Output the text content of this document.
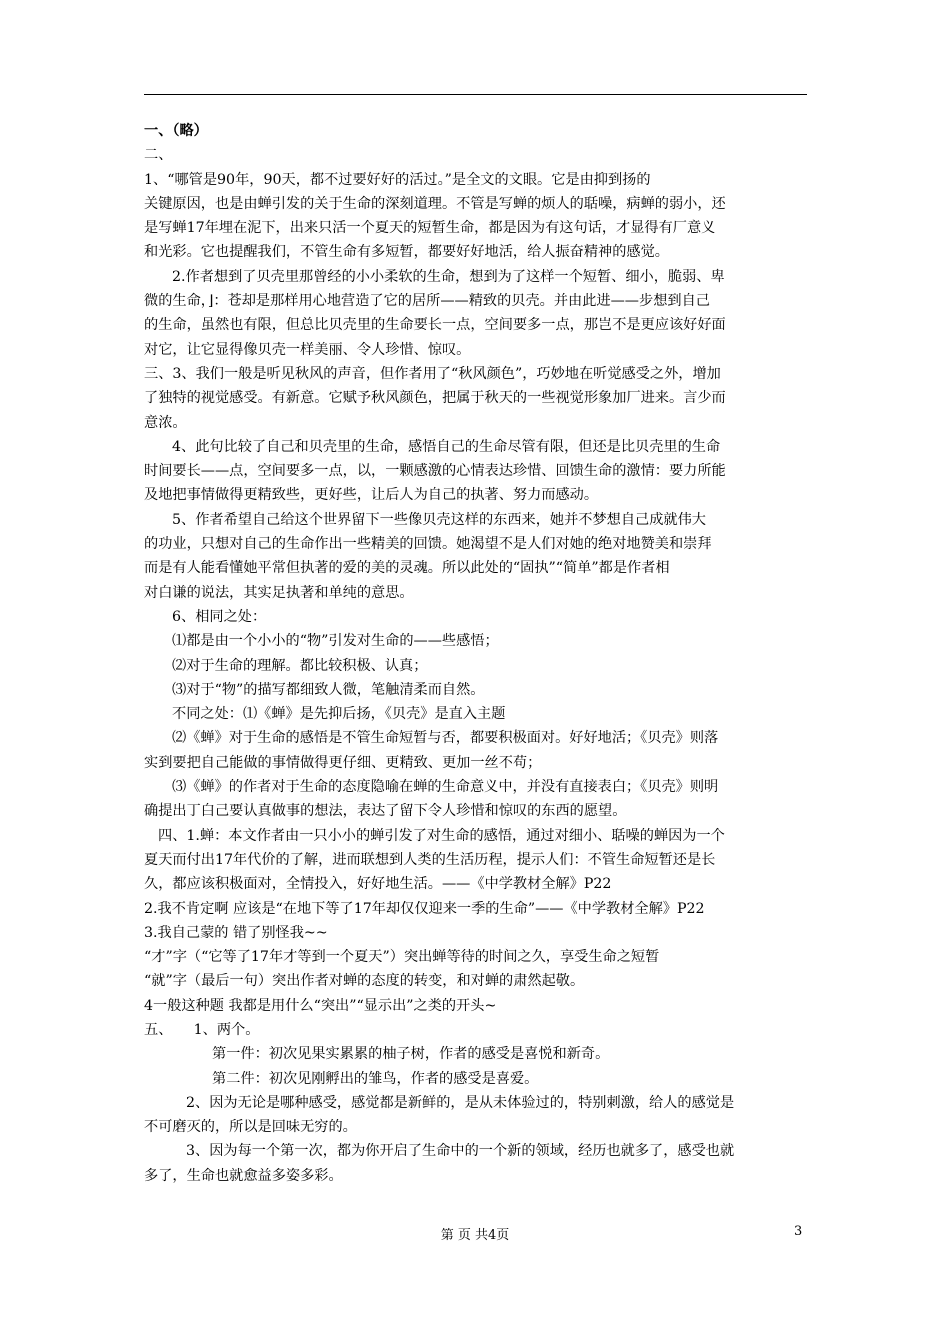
一、（略）
二、
1、“哪管是90年，90天，都不过要好好的活过。”是全文的文眼。它是由抑到扬的
关键原因，也是由蝉引发的关于生命的深刻道理。不管是写蝉的烦人的聒噪，病蝉的弱小，还
是写蝉17年埋在泥下，出来只活一个夏天的短暂生命，都是因为有这句话，才显得有厂意义
和光彩。它也提醒我们，不管生命有多短暂，都要好好地活，给人振奋精神的感觉。
2.作者想到了贝壳里那曾经的小小柔软的生命，想到为了这样一个短暂、细小，脆弱、卑
微的生命，⌋：苍却是那样用心地营造了它的居所——精致的贝壳。并由此进——步想到自己
的生命，虽然也有限，但总比贝壳里的生命要长一点，空间要多一点，那岂不是更应该好好面
对它，让它显得像贝壳一样美丽、令人珍惜、惊叹。
三、3、我们一般是听见秋风的声音，但作者用了“秋风颜色”，巧妙地在听觉感受之外，增加
了独特的视觉感受。有新意。它赋予秋风颜色，把属于秋天的一些视觉形象加厂进来。言少而
意浓。
4、此句比较了自己和贝壳里的生命，感悟自己的生命尽管有限，但还是比贝壳里的生命
时间要长——点，空间要多一点，以，一颗感激的心情表达珍惜、回馈生命的激情：要力所能
及地把事情做得更精致些，更好些，让后人为自己的执著、努力而感动。
5、作者希望自己给这个世界留下一些像贝壳这样的东西来，她并不梦想自己成就伟大
的功业，只想对自己的生命作出一些精美的回馈。她渴望不是人们对她的绝对地赞美和崇拜
而是有人能看懂她平常但执著的爱的美的灵魂。所以此处的“固执”“简单”都是作者相
对白谦的说法，其实足执著和单纯的意思。
6、相同之处：
⑴都是由一个小小的“物”引发对生命的——些感悟；
⑵对于生命的理解。都比较积极、认真；
⑶对于“物”的描写都细致人微，笔触清柔而自然。
不同之处：⑴《蝉》是先抑后扬，《贝壳》是直入主题
⑵《蝉》对于生命的感悟是不管生命短暂与否，都要积极面对。好好地活；《贝壳》则落
实到要把自己能做的事情做得更仔细、更精致、更加一丝不苟；
⑶《蝉》的作者对于生命的态度隐喻在蝉的生命意义中，并没有直接表白；《贝壳》则明
确提出丁白己要认真做事的想法，表达了留下令人珍惜和惊叹的东西的愿望。
四、1.蝉：本文作者由一只小小的蝉引发了对生命的感悟，通过对细小、聒噪的蝉因为一个
夏天而付出17年代价的了解，进而联想到人类的生活历程，提示人们：不管生命短暂还是长
久，都应该积极面对，全情投入，好好地生活。——《中学教材全解》P22
2.我不肯定啊 应该是“在地下等了17年却仅仅迎来一季的生命”——《中学教材全解》P22
3.我自己蒙的 错了别怪我~~
“才”字（“它等了17年才等到一个夏天”）突出蝉等待的时间之久，享受生命之短暂
“就”字（最后一句）突出作者对蝉的态度的转变，和对蝉的肃然起敬。
4一般这种题 我都是用什么“突出”“显示出”之类的开头~
五、　　1、两个。
第一件：初次见果实累累的柚子树，作者的感受是喜悦和新奇。
第二件：初次见刚孵出的雏鸟，作者的感受是喜爱。
2、因为无论是哪种感受，感觉都是新鲜的，是从未体验过的，特别刺激，给人的感觉是
不可磨灭的，所以是回味无穷的。
3、因为每一个第一次，都为你开启了生命中的一个新的领域，经历也就多了，感受也就
多了，生命也就愈益多姿多彩。
第 页 共4页	3
